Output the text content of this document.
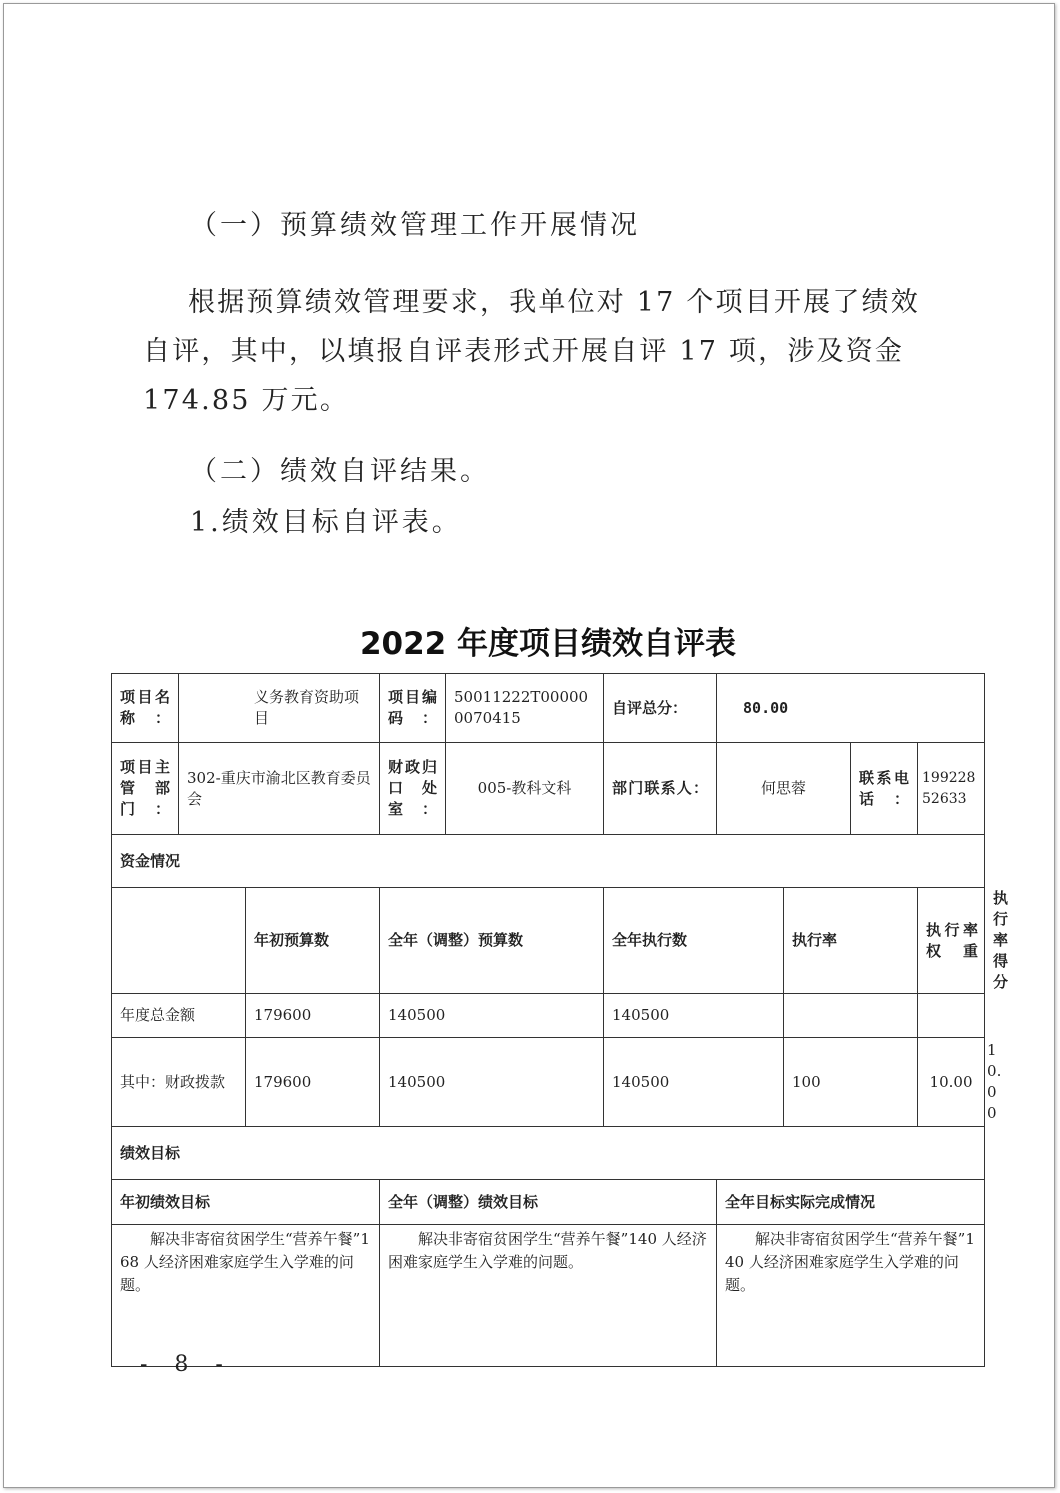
（一）预算绩效管理工作开展情况
根据预算绩效管理要求，我单位对 17 个项目开展了绩效自评，其中，以填报自评表形式开展自评 17 项，涉及资金 174.85 万元。
（二）绩效自评结果。
1.绩效目标自评表。
2022 年度项目绩效自评表
项目名称：	义务教育资助项目		项目编码：	50011222T000000070415	自评总分：	80.00				
项目主管部门：	302-重庆市渝北区教育委员会		财政归口处室：	005-教科文科	部门联系人：	何思蓉		联系电话：	19922852633	
资金情况										
		年初预算数	全年（调整）预算数		全年执行数		执行率		执行率权重	执行率得分

年度总金额		179600	140500		140500					
其中：财政拨款		179600	140500		140500		100		10.00	10.00
绩效目标										
年初绩效目标			全年（调整）绩效目标			全年目标实际完成情况				
解决非寄宿贫困学生“营养午餐”168 人经济困难家庭学生入学难的问题。			解决非寄宿贫困学生“营养午餐”140 人经济困难家庭学生入学难的问题。			解决非寄宿贫困学生“营养午餐”140 人经济困难家庭学生入学难的问题。				
- 8 -
